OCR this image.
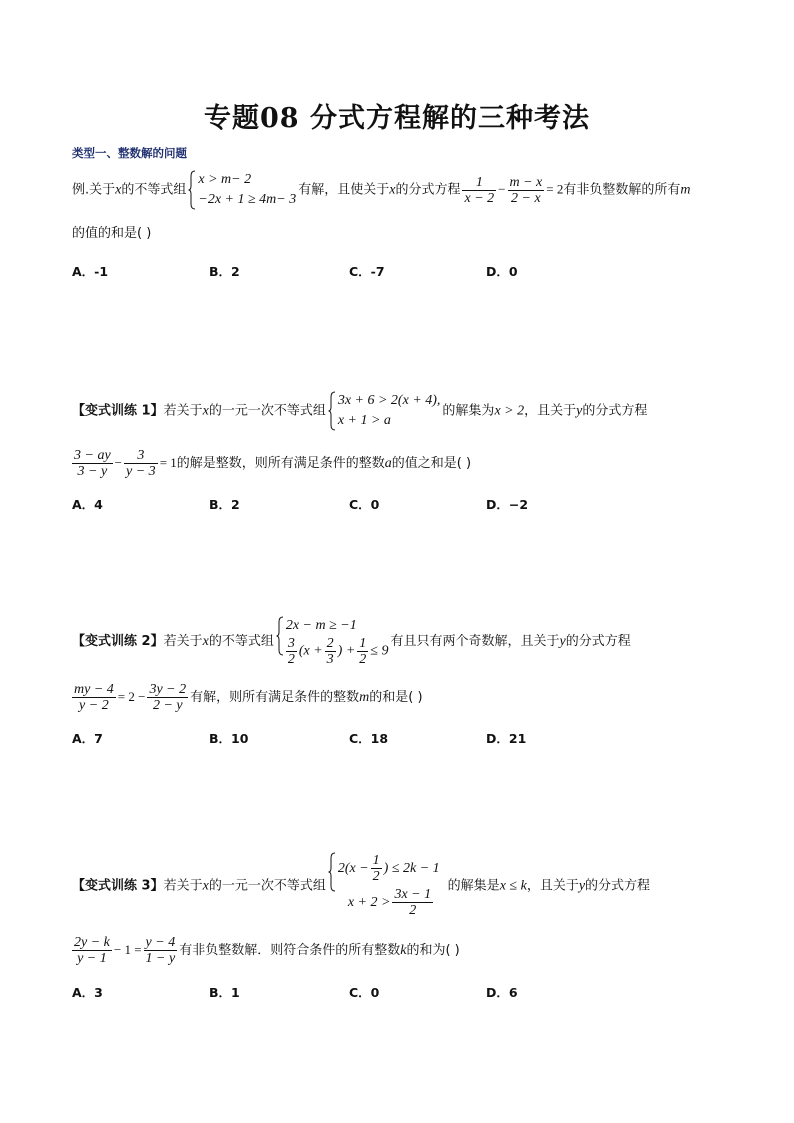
专题08 分式方程解的三种考法
类型一、整数解的问题
例.关于x的不等式组
x > m− 2
−2x + 1 ≥ 4m− 3
有解，且使关于x的分式方程 $\frac{1}{x - 2} - \frac{m - x}{2 - x} = 2$有非负整数解的所有m
的值的和是( )
A．-1	B．2	C．-7	D．0
【变式训练 1】若关于x的一元一次不等式组
3x + 6 > 2(x + 4),
x + 1 > a
的解集为x > 2，且关于y的分式方程
$\frac{3 - ay}{3 - y} - \frac{3}{y - 3} = 1$的解是整数，则所有满足条件的整数a的值之和是( )
A．4	B．2	C．0	D．−2
【变式训练 2】若关于x的不等式组
2x − m ≥ −1
$\frac{3}{2} (x + \frac{2}{3}$ ) + $\frac{1}{2} \le 9$
有且只有两个奇数解，且关于y的分式方程
$\frac{my - 4}{y - 2} = 2 - \frac{3y - 2}{2 - y}$ 有解，则所有满足条件的整数m的和是( )
A．7	B．10	C．18	D．21
【变式训练 3】若关于x的一元一次不等式组
$2(x - \frac{1}{2}$ ) ≤ 2k − 1
$x + 2 > \frac{3x - 1}{2}$
的解集是x ≤ k，且关于y的分式方程
$\frac{2y - k}{y - 1} - 1 = \frac{y - 4}{1 - y}$ 有非负整数解．则符合条件的所有整数k的和为( )
A．3	B．1	C．0	D．6
